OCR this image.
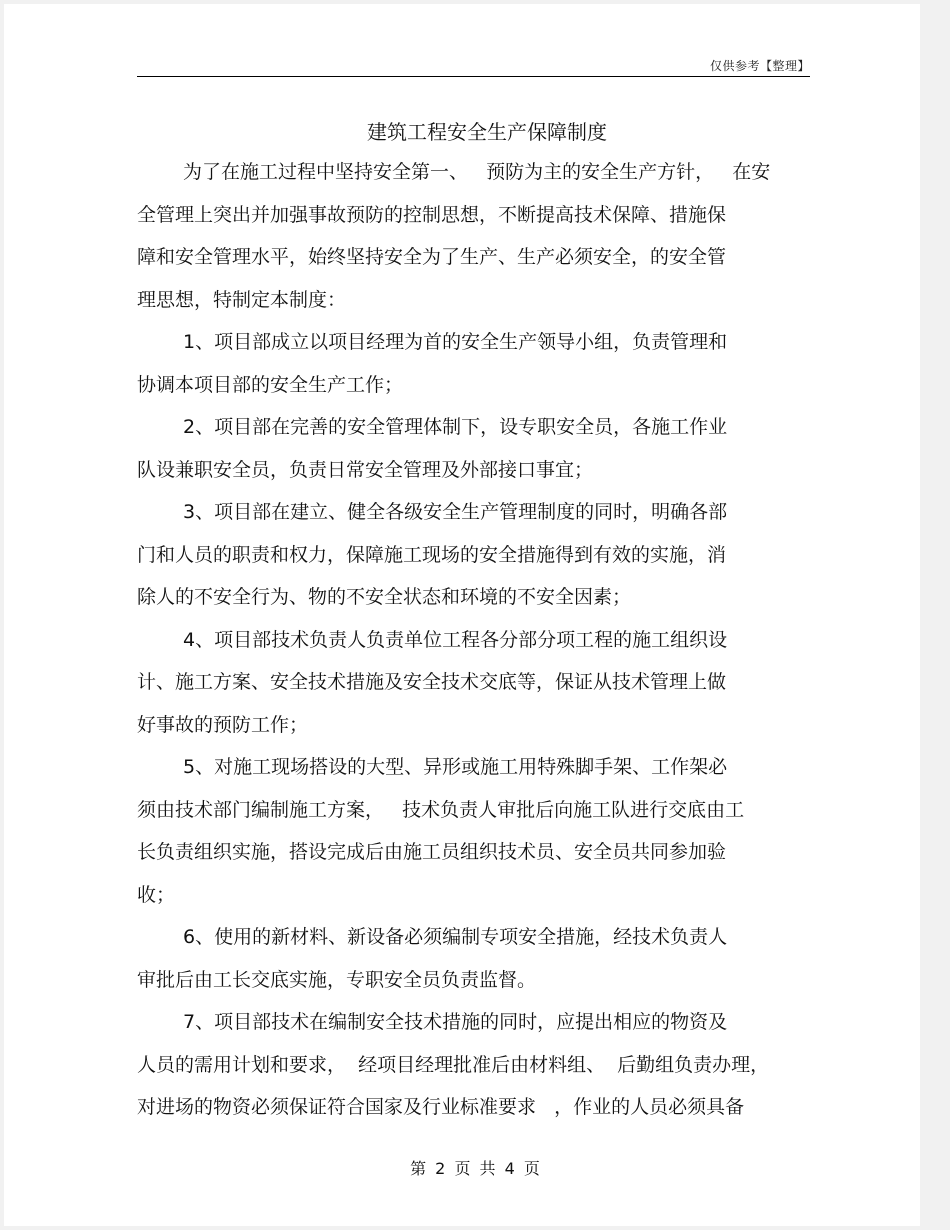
仅供参考【整理】
建筑工程安全生产保障制度
为了在施工过程中坚持安全第一、   预防为主的安全生产方针，   在安
全管理上突出并加强事故预防的控制思想，不断提高技术保障、措施保
障和安全管理水平，始终坚持安全为了生产、生产必须安全，的安全管
理思想，特制定本制度：
1、项目部成立以项目经理为首的安全生产领导小组，负责管理和
协调本项目部的安全生产工作；
2、项目部在完善的安全管理体制下，设专职安全员，各施工作业
队设兼职安全员，负责日常安全管理及外部接口事宜；
3、项目部在建立、健全各级安全生产管理制度的同时，明确各部
门和人员的职责和权力，保障施工现场的安全措施得到有效的实施，消
除人的不安全行为、物的不安全状态和环境的不安全因素；
4、项目部技术负责人负责单位工程各分部分项工程的施工组织设
计、施工方案、安全技术措施及安全技术交底等，保证从技术管理上做
好事故的预防工作；
5、对施工现场搭设的大型、异形或施工用特殊脚手架、工作架必
须由技术部门编制施工方案，   技术负责人审批后向施工队进行交底由工
长负责组织实施，搭设完成后由施工员组织技术员、安全员共同参加验
收；
6、使用的新材料、新设备必须编制专项安全措施，经技术负责人
审批后由工长交底实施，专职安全员负责监督。
7、项目部技术在编制安全技术措施的同时，应提出相应的物资及
人员的需用计划和要求，  经项目经理批准后由材料组、  后勤组负责办理，
对进场的物资必须保证符合国家及行业标准要求   ，作业的人员必须具备
第 2 页 共 4 页
